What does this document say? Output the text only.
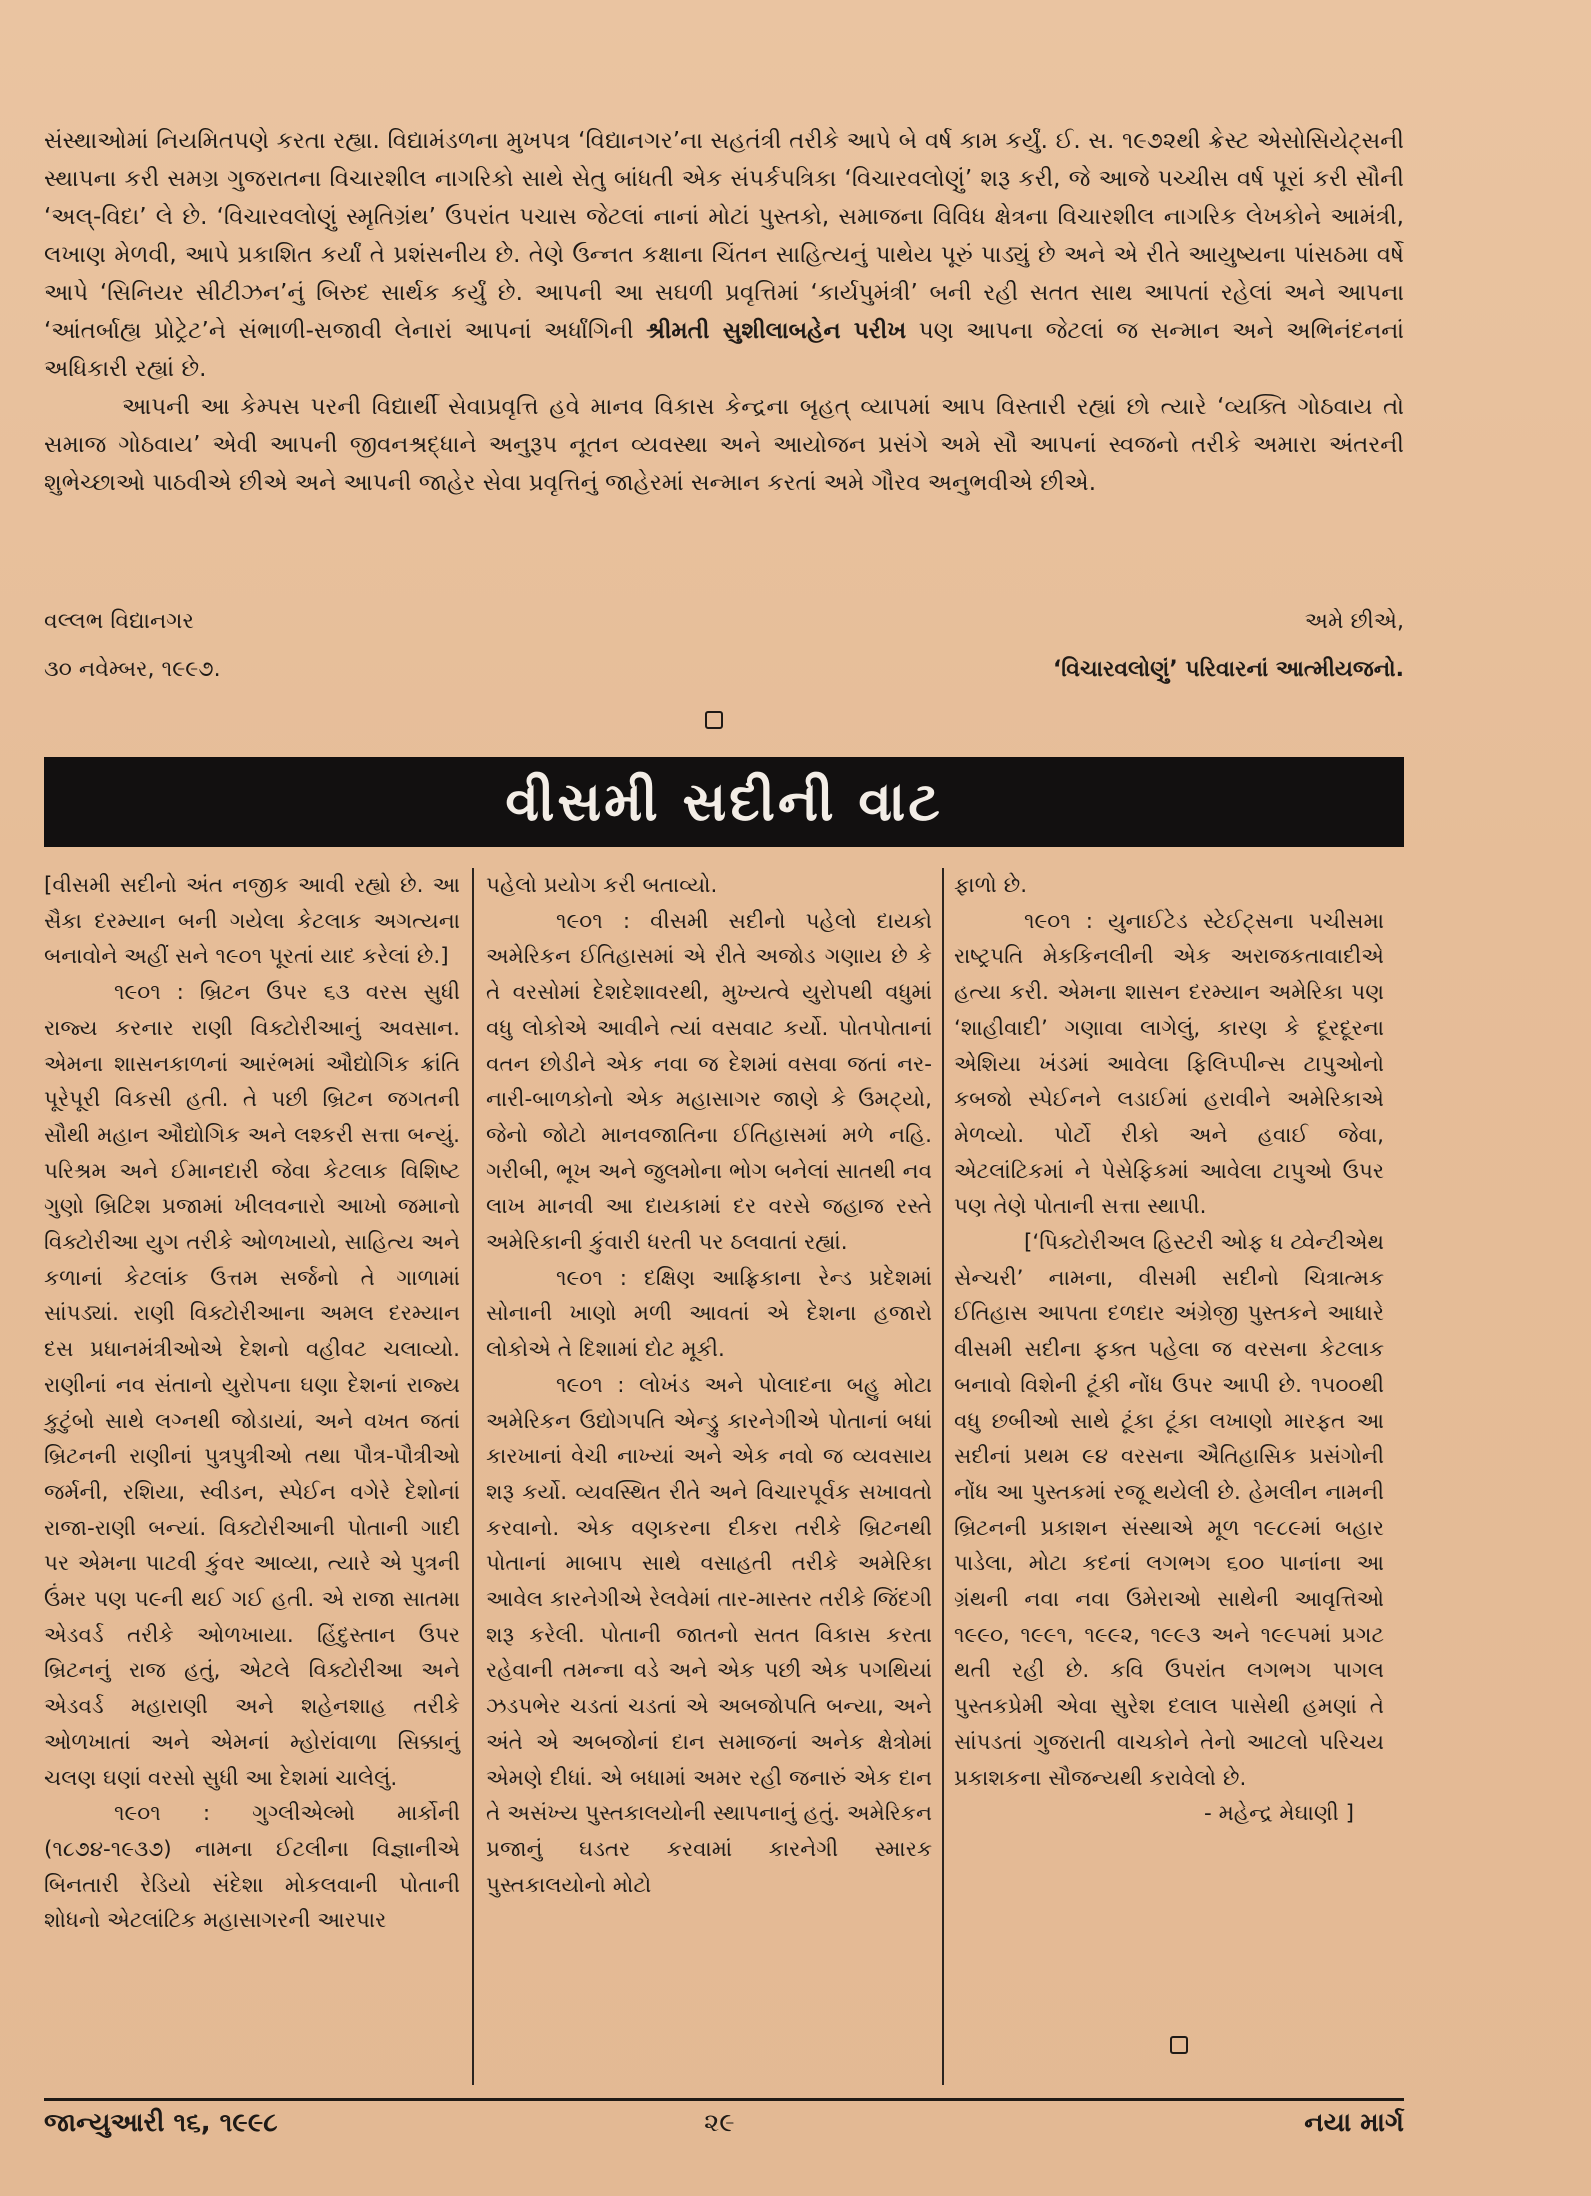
સંસ્થાઓમાં નિયમિતપણે કરતા રહ્યા. વિદ્યામંડળના મુખપત્ર ‘વિદ્યાનગર’ના સહતંત્રી તરીકે આપે બે વર્ષ કામ કર્યું. ઈ. સ. ૧૯૭૨થી ક્રેસ્ટ એસોસિયેટ્સની સ્થાપના કરી સમગ્ર ગુજરાતના વિચારશીલ નાગરિકો સાથે સેતુ બાંધતી એક સંપર્કપત્રિકા ‘વિચારવલોણું’ શરૂ કરી, જે આજે પચ્ચીસ વર્ષ પૂરાં કરી સૌની ‘અલ્-વિદા’ લે છે. ‘વિચારવલોણું સ્મૃતિગ્રંથ’ ઉપરાંત પચાસ જેટલાં નાનાં મોટાં પુસ્તકો, સમાજના વિવિધ ક્ષેત્રના વિચારશીલ નાગરિક લેખકોને આમંત્રી, લખાણ મેળવી, આપે પ્રકાશિત કર્યાં તે પ્રશંસનીય છે. તેણે ઉન્નત કક્ષાના ચિંતન સાહિત્યનું પાથેય પૂરું પાડ્યું છે અને એ રીતે આયુષ્યના પાંસઠમા વર્ષે આપે ‘સિનિયર સીટીઝન’નું બિરુદ સાર્થક કર્યું છે. આપની આ સઘળી પ્રવૃત્તિમાં ‘કાર્યપુમંત્રી’ બની રહી સતત સાથ આપતાં રહેલાં અને આપના ‘આંતર્બાહ્ય પ્રોટ્રેટ’ને સંભાળી-સજાવી લેનારાં આપનાં અર્ધાંગિની શ્રીમતી સુશીલાબહેન પરીખ પણ આપના જેટલાં જ સન્માન અને અભિનંદનનાં અધિકારી રહ્યાં છે.

આપની આ કેમ્પસ પરની વિદ્યાર્થી સેવાપ્રવૃત્તિ હવે માનવ વિકાસ કેન્દ્રના બૃહત્ વ્યાપમાં આપ વિસ્તારી રહ્યાં છો ત્યારે ‘વ્યક્તિ ગોઠવાય તો સમાજ ગોઠવાય’ એવી આપની જીવનશ્રદ્ધાને અનુરૂપ નૂતન વ્યવસ્થા અને આયોજન પ્રસંગે અમે સૌ આપનાં સ્વજનો તરીકે અમારા અંતરની શુભેચ્છાઓ પાઠવીએ છીએ અને આપની જાહેર સેવા પ્રવૃત્તિનું જાહેરમાં સન્માન કરતાં અમે ગૌરવ અનુભવીએ છીએ.

વલ્લભ વિદ્યાનગર
૩૦ નવેમ્બર, ૧૯૯૭.
અમે છીએ,
‘વિચારવલોણું’ પરિવારનાં આત્મીયજનો.
વીસમી સદીની વાટ

[વીસમી સદીનો અંત નજીક આવી રહ્યો છે. આ સૈકા દરમ્યાન બની ગયેલા કેટલાક અગત્યના બનાવોને અહીં સને ૧૯૦૧ પૂરતાં યાદ કરેલાં છે.]

૧૯૦૧ : બ્રિટન ઉપર ૬૩ વરસ સુધી રાજ્ય કરનાર રાણી વિક્ટોરીઆનું અવસાન. એમના શાસનકાળનાં આરંભમાં ઔદ્યોગિક ક્રાંતિ પૂરેપૂરી વિકસી હતી. તે પછી બ્રિટન જગતની સૌથી મહાન ઔદ્યોગિક અને લશ્કરી સત્તા બન્યું. પરિશ્રમ અને ઈમાનદારી જેવા કેટલાક વિશિષ્ટ ગુણો બ્રિટિશ પ્રજામાં ખીલવનારો આખો જમાનો વિક્ટોરીઆ યુગ તરીકે ઓળખાયો, સાહિત્ય અને કળાનાં કેટલાંક ઉત્તમ સર્જનો તે ગાળામાં સાંપડ્યાં. રાણી વિક્ટોરીઆના અમલ દરમ્યાન દસ પ્રધાનમંત્રીઓએ દેશનો વહીવટ ચલાવ્યો. રાણીનાં નવ સંતાનો યુરોપના ઘણા દેશનાં રાજ્ય કુટુંબો સાથે લગ્નથી જોડાયાં, અને વખત જતાં બ્રિટનની રાણીનાં પુત્રપુત્રીઓ તથા પૌત્ર-પૌત્રીઓ જર્મની, રશિયા, સ્વીડન, સ્પેઈન વગેરે દેશોનાં રાજા-રાણી બન્યાં. વિક્ટોરીઆની પોતાની ગાદી પર એમના પાટવી કુંવર આવ્યા, ત્યારે એ પુત્રની ઉંમર પણ ૫૯ની થઈ ગઈ હતી. એ રાજા સાતમા એડવર્ડ તરીકે ઓળખાયા. હિંદુસ્તાન ઉપર બ્રિટનનું રાજ હતું, એટલે વિક્ટોરીઆ અને એડવર્ડ મહારાણી અને શહેનશાહ તરીકે ઓળખાતાં અને એમનાં મ્હોરાંવાળા સિક્કાનું ચલણ ઘણાં વરસો સુધી આ દેશમાં ચાલેલું.

૧૯૦૧ : ગુગ્લીએલ્મો માર્કોની (૧૮૭૪-૧૯૩૭) નામના ઈટલીના વિજ્ઞાનીએ બિનતારી રેડિયો સંદેશા મોકલવાની પોતાની શોધનો એટલાંટિક મહાસાગરની આરપાર

પહેલો પ્રયોગ કરી બતાવ્યો.

૧૯૦૧ : વીસમી સદીનો પહેલો દાયકો અમેરિકન ઈતિહાસમાં એ રીતે અજોડ ગણાય છે કે તે વરસોમાં દેશદેશાવરથી, મુખ્યત્વે યુરોપથી વધુમાં વધુ લોકોએ આવીને ત્યાં વસવાટ કર્યો. પોતપોતાનાં વતન છોડીને એક નવા જ દેશમાં વસવા જતાં નર-નારી-બાળકોનો એક મહાસાગર જાણે કે ઉમટ્યો, જેનો જોટો માનવજાતિના ઈતિહાસમાં મળે નહિ. ગરીબી, ભૂખ અને જુલમોના ભોગ બનેલાં સાતથી નવ લાખ માનવી આ દાયકામાં દર વરસે જહાજ રસ્તે અમેરિકાની કુંવારી ધરતી પર ઠલવાતાં રહ્યાં.

૧૯૦૧ : દક્ષિણ આફ્રિકાના રેન્ડ પ્રદેશમાં સોનાની ખાણો મળી આવતાં એ દેશના હજારો લોકોએ તે દિશામાં દોટ મૂકી.

૧૯૦૧ : લોખંડ અને પોલાદના બહુ મોટા અમેરિકન ઉદ્યોગપતિ એન્ડ્રુ કારનેગીએ પોતાનાં બધાં કારખાનાં વેચી નાખ્યાં અને એક નવો જ વ્યવસાય શરૂ કર્યો. વ્યવસ્થિત રીતે અને વિચારપૂર્વક સખાવતો કરવાનો. એક વણકરના દીકરા તરીકે બ્રિટનથી પોતાનાં માબાપ સાથે વસાહતી તરીકે અમેરિકા આવેલ કારનેગીએ રેલવેમાં તાર-માસ્તર તરીકે જિંદગી શરૂ કરેલી. પોતાની જાતનો સતત વિકાસ કરતા રહેવાની તમન્ના વડે અને એક પછી એક પગથિયાં ઝડપભેર ચડતાં ચડતાં એ અબજોપતિ બન્યા, અને અંતે એ અબજોનાં દાન સમાજનાં અનેક ક્ષેત્રોમાં એમણે દીધાં. એ બધામાં અમર રહી જનારું એક દાન તે અસંખ્ય પુસ્તકાલયોની સ્થાપનાનું હતું. અમેરિકન પ્રજાનું ઘડતર કરવામાં કારનેગી સ્મારક પુસ્તકાલયોનો મોટો

ફાળો છે.

૧૯૦૧ : યુનાઈટેડ સ્ટેઈટ્સના પચીસમા રાષ્ટ્રપતિ મેકકિનલીની એક અરાજકતાવાદીએ હત્યા કરી. એમના શાસન દરમ્યાન અમેરિકા પણ ‘શાહીવાદી’ ગણાવા લાગેલું, કારણ કે દૂરદૂરના એશિયા ખંડમાં આવેલા ફિલિપ્પીન્સ ટાપુઓનો કબજો સ્પેઈનને લડાઈમાં હરાવીને અમેરિકાએ મેળવ્યો. પોર્ટો રીકો અને હવાઈ જેવા, એટલાંટિકમાં ને પેસેફિકમાં આવેલા ટાપુઓ ઉપર પણ તેણે પોતાની સત્તા સ્થાપી.

[‘પિક્ટોરીઅલ હિસ્ટરી ઓફ ધ ટ્વેન્ટીએથ સેન્ચરી’ નામના, વીસમી સદીનો ચિત્રાત્મક ઈતિહાસ આપતા દળદાર અંગ્રેજી પુસ્તકને આધારે વીસમી સદીના ફક્ત પહેલા જ વરસના કેટલાક બનાવો વિશેની ટૂંકી નોંધ ઉપર આપી છે. ૧૫૦૦થી વધુ છબીઓ સાથે ટૂંકા ટૂંકા લખાણો મારફત આ સદીનાં પ્રથમ ૯૪ વરસના ઐતિહાસિક પ્રસંગોની નોંધ આ પુસ્તકમાં રજૂ થયેલી છે. હેમલીન નામની બ્રિટનની પ્રકાશન સંસ્થાએ મૂળ ૧૯૮૯માં બહાર પાડેલા, મોટા કદનાં લગભગ ૬૦૦ પાનાંના આ ગ્રંથની નવા નવા ઉમેરાઓ સાથેની આવૃત્તિઓ ૧૯૯૦, ૧૯૯૧, ૧૯૯૨, ૧૯૯૩ અને ૧૯૯૫માં પ્રગટ થતી રહી છે. કવિ ઉપરાંત લગભગ પાગલ પુસ્તકપ્રેમી એવા સુરેશ દલાલ પાસેથી હમણાં તે સાંપડતાં ગુજરાતી વાચકોને તેનો આટલો પરિચય પ્રકાશકના સૌજન્યથી કરાવેલો છે.

- મહેન્દ્ર મેઘાણી ]

જાન્યુઆરી ૧૬, ૧૯૯૮	૨૯	નયા માર્ગ
